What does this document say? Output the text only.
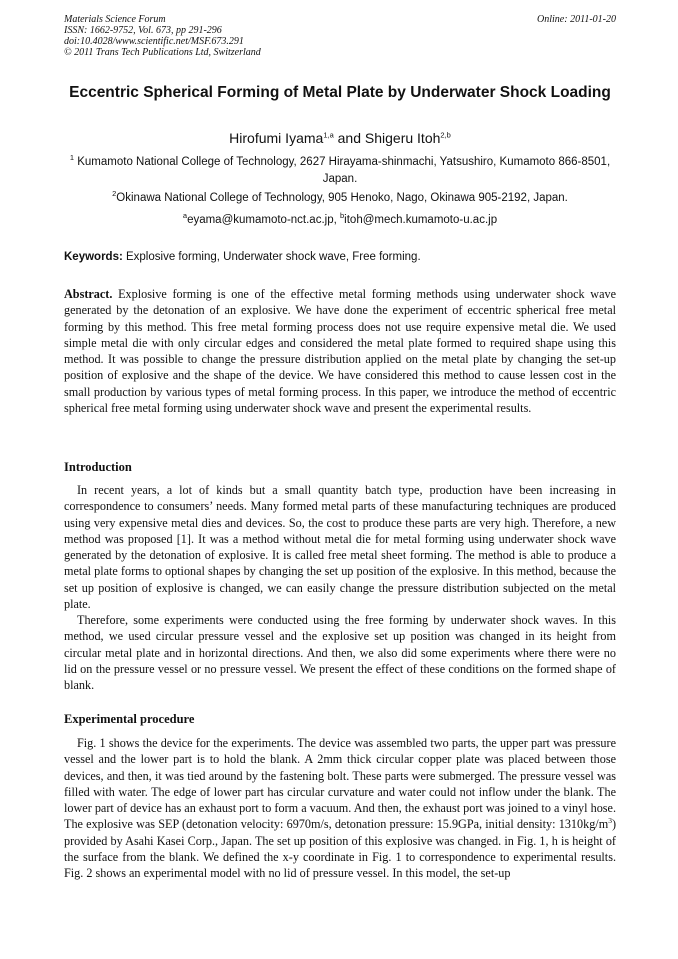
Materials Science Forum
ISSN: 1662-9752, Vol. 673, pp 291-296
doi:10.4028/www.scientific.net/MSF.673.291
© 2011 Trans Tech Publications Ltd, Switzerland
Online: 2011-01-20
Eccentric Spherical Forming of Metal Plate by Underwater Shock Loading
Hirofumi Iyama$^{1,a}$ and Shigeru Itoh$^{2,b}$
$^1$ Kumamoto National College of Technology, 2627 Hirayama-shinmachi, Yatsushiro, Kumamoto 866-8501, Japan.
$^2$Okinawa National College of Technology, 905 Henoko, Nago, Okinawa 905-2192, Japan.
$^a$eyama@kumamoto-nct.ac.jp, $^b$itoh@mech.kumamoto-u.ac.jp
Keywords: Explosive forming, Underwater shock wave, Free forming.
Abstract. Explosive forming is one of the effective metal forming methods using underwater shock wave generated by the detonation of an explosive. We have done the experiment of eccentric spherical free metal forming by this method. This free metal forming process does not use require expensive metal die. We used simple metal die with only circular edges and considered the metal plate formed to required shape using this method. It was possible to change the pressure distribution applied on the metal plate by changing the set-up position of explosive and the shape of the device. We have considered this method to cause lessen cost in the small production by various types of metal forming process. In this paper, we introduce the method of eccentric spherical free metal forming using underwater shock wave and present the experimental results.
Introduction

In recent years, a lot of kinds but a small quantity batch type, production have been increasing in correspondence to consumers’ needs. Many formed metal parts of these manufacturing techniques are produced using very expensive metal dies and devices. So, the cost to produce these parts are very high. Therefore, a new method was proposed [1]. It was a method without metal die for metal forming using underwater shock wave generated by the detonation of explosive. It is called free metal sheet forming. The method is able to produce a metal plate forms to optional shapes by changing the set up position of the explosive. In this method, because the set up position of explosive is changed, we can easily change the pressure distribution subjected on the metal plate.

Therefore, some experiments were conducted using the free forming by underwater shock waves. In this method, we used circular pressure vessel and the explosive set up position was changed in its height from circular metal plate and in horizontal directions. And then, we also did some experiments where there were no lid on the pressure vessel or no pressure vessel. We present the effect of these conditions on the formed shape of blank.

Experimental procedure

Fig. 1 shows the device for the experiments. The device was assembled two parts, the upper part was pressure vessel and the lower part is to hold the blank. A 2mm thick circular copper plate was placed between those devices, and then, it was tied around by the fastening bolt. These parts were submerged. The pressure vessel was filled with water. The edge of lower part has circular curvature and water could not inflow under the blank. The lower part of device has an exhaust port to form a vacuum. And then, the exhaust port was joined to a vinyl hose. The explosive was SEP (detonation velocity: 6970m/s, detonation pressure: 15.9GPa, initial density: $1310kg/m^3$) provided by Asahi Kasei Corp., Japan. The set up position of this explosive was changed. in Fig. 1, h is height of the surface from the blank. We defined the x-y coordinate in Fig. 1 to correspondence to experimental results. Fig. 2 shows an experimental model with no lid of pressure vessel. In this model, the set-up
